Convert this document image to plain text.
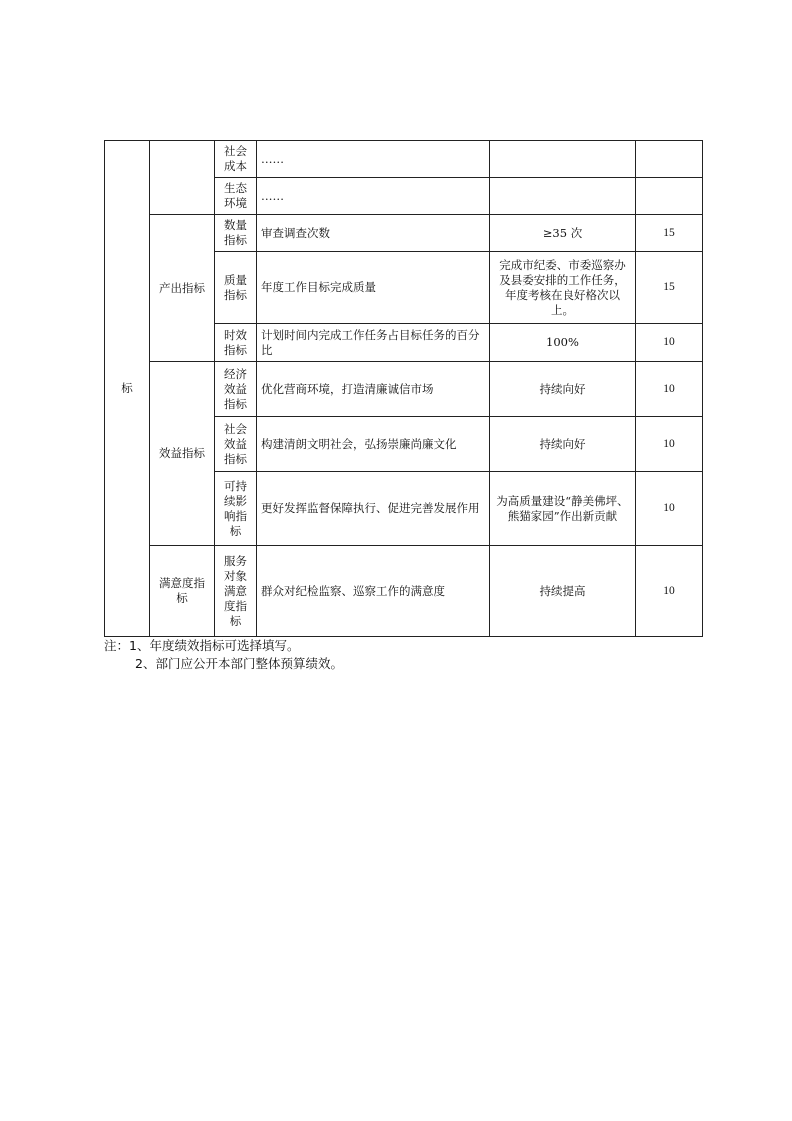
标		社会成本	……		
		生态环境	……		
	产出指标	数量指标	审查调查次数	≥35 次	15
		质量指标	年度工作目标完成质量	完成市纪委、市委巡察办及县委安排的工作任务，年度考核在良好格次以上。	15
		时效指标	计划时间内完成工作任务占目标任务的百分比	100%	10
	效益指标	经济效益指标	优化营商环境，打造清廉诚信市场	持续向好	10
		社会效益指标	构建清朗文明社会，弘扬崇廉尚廉文化	持续向好	10
		可持续影响指标	更好发挥监督保障执行、促进完善发展作用	为高质量建设“静美佛坪、熊猫家园”作出新贡献	10
	满意度指标	服务对象满意度指标	群众对纪检监察、巡察工作的满意度	持续提高	10
注：1、年度绩效指标可选择填写。
2、部门应公开本部门整体预算绩效。
